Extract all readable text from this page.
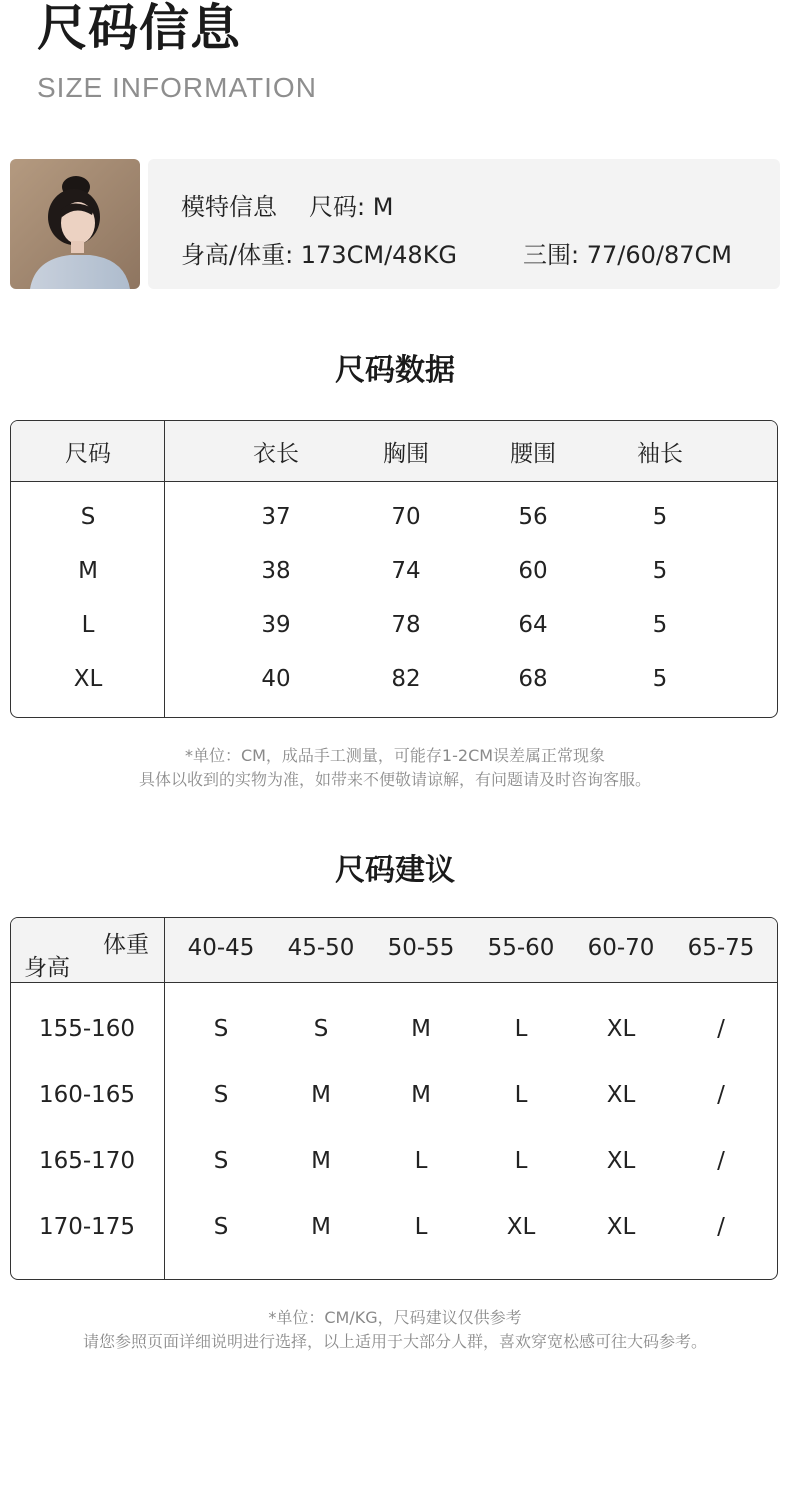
尺码信息
SIZE INFORMATION
模特信息 尺码: M
身高/体重: 173CM/48KG	三围: 77/60/87CM
尺码数据
尺码	衣长	胸围	腰围	袖长
S	37	70	56	5
M	38	74	60	5
L	39	78	64	5
XL	40	82	68	5
*单位：CM，成品手工测量，可能存1-2CM误差属正常现象
具体以收到的实物为准，如带来不便敬请谅解，有问题请及时咨询客服。
尺码建议
体重
身高
40-45	45-50	50-55	55-60	60-70	65-75
155-160	S	S	M	L	XL	/
160-165	S	M	M	L	XL	/
165-170	S	M	L	L	XL	/
170-175	S	M	L	XL	XL	/
*单位：CM/KG，尺码建议仅供参考
请您参照页面详细说明进行选择，以上适用于大部分人群，喜欢穿宽松感可往大码参考。
